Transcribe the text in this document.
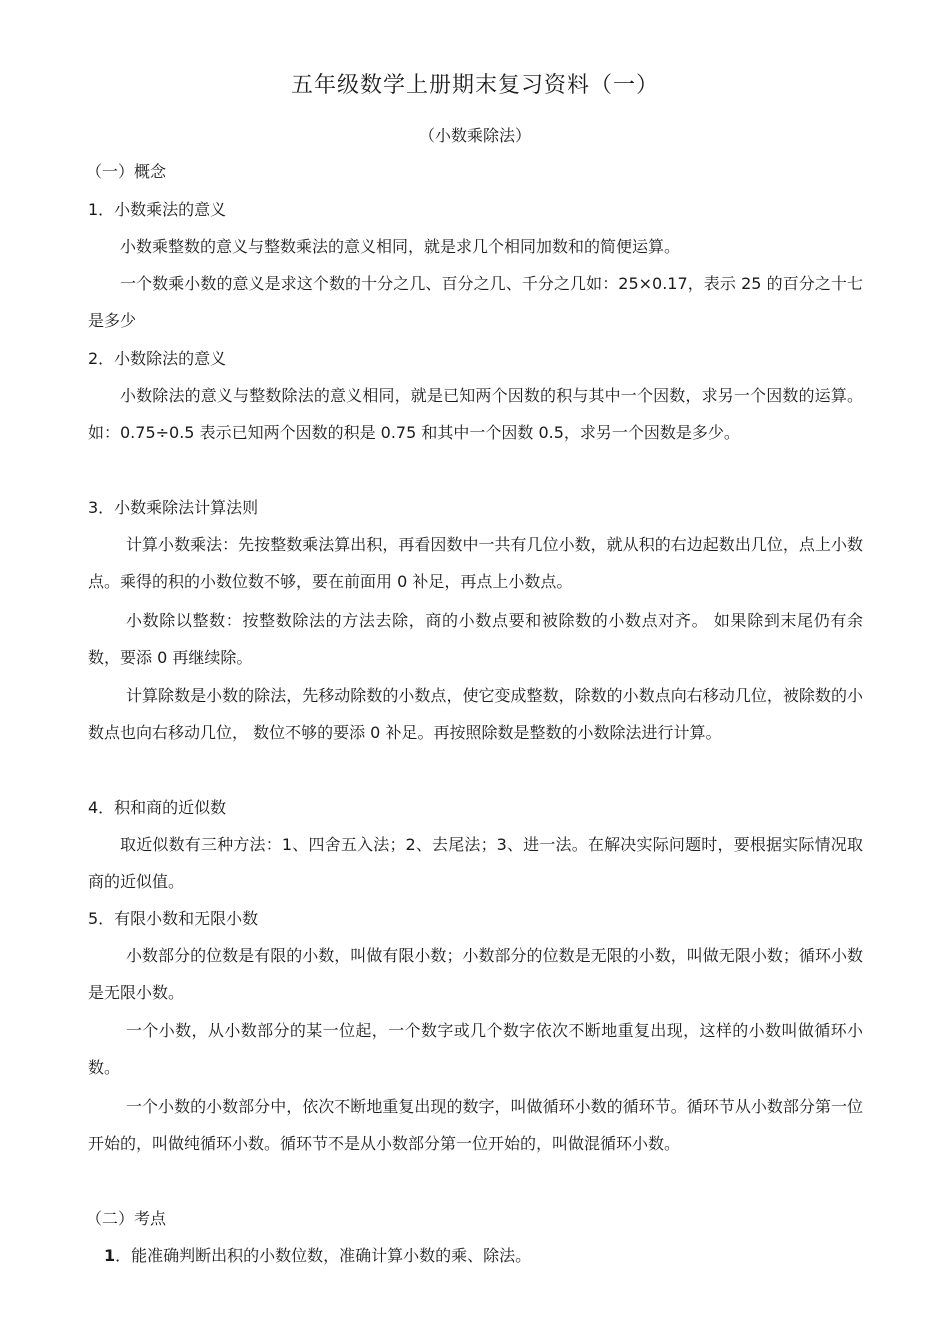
五年级数学上册期末复习资料（一）
（小数乘除法）
（一）概念
1．小数乘法的意义
小数乘整数的意义与整数乘法的意义相同，就是求几个相同加数和的简便运算。
一个数乘小数的意义是求这个数的十分之几、百分之几、千分之几如：25×0.17，表示 25 的百分之十七是多少
2．小数除法的意义
小数除法的意义与整数除法的意义相同，就是已知两个因数的积与其中一个因数，求另一个因数的运算。如：0.75÷0.5 表示已知两个因数的积是 0.75 和其中一个因数 0.5，求另一个因数是多少。
3．小数乘除法计算法则
计算小数乘法：先按整数乘法算出积，再看因数中一共有几位小数，就从积的右边起数出几位，点上小数点。乘得的积的小数位数不够，要在前面用 0 补足，再点上小数点。
小数除以整数：按整数除法的方法去除，商的小数点要和被除数的小数点对齐。 如果除到末尾仍有余数，要添 0 再继续除。
计算除数是小数的除法，先移动除数的小数点，使它变成整数，除数的小数点向右移动几位，被除数的小数点也向右移动几位， 数位不够的要添 0 补足。再按照除数是整数的小数除法进行计算。
4．积和商的近似数
取近似数有三种方法：1、四舍五入法；2、去尾法；3、进一法。在解决实际问题时，要根据实际情况取商的近似值。
5．有限小数和无限小数
小数部分的位数是有限的小数，叫做有限小数；小数部分的位数是无限的小数，叫做无限小数；循环小数是无限小数。
一个小数，从小数部分的某一位起，一个数字或几个数字依次不断地重复出现，这样的小数叫做循环小数。
一个小数的小数部分中，依次不断地重复出现的数字，叫做循环小数的循环节。循环节从小数部分第一位开始的，叫做纯循环小数。循环节不是从小数部分第一位开始的，叫做混循环小数。
（二）考点
1．能准确判断出积的小数位数，准确计算小数的乘、除法。
